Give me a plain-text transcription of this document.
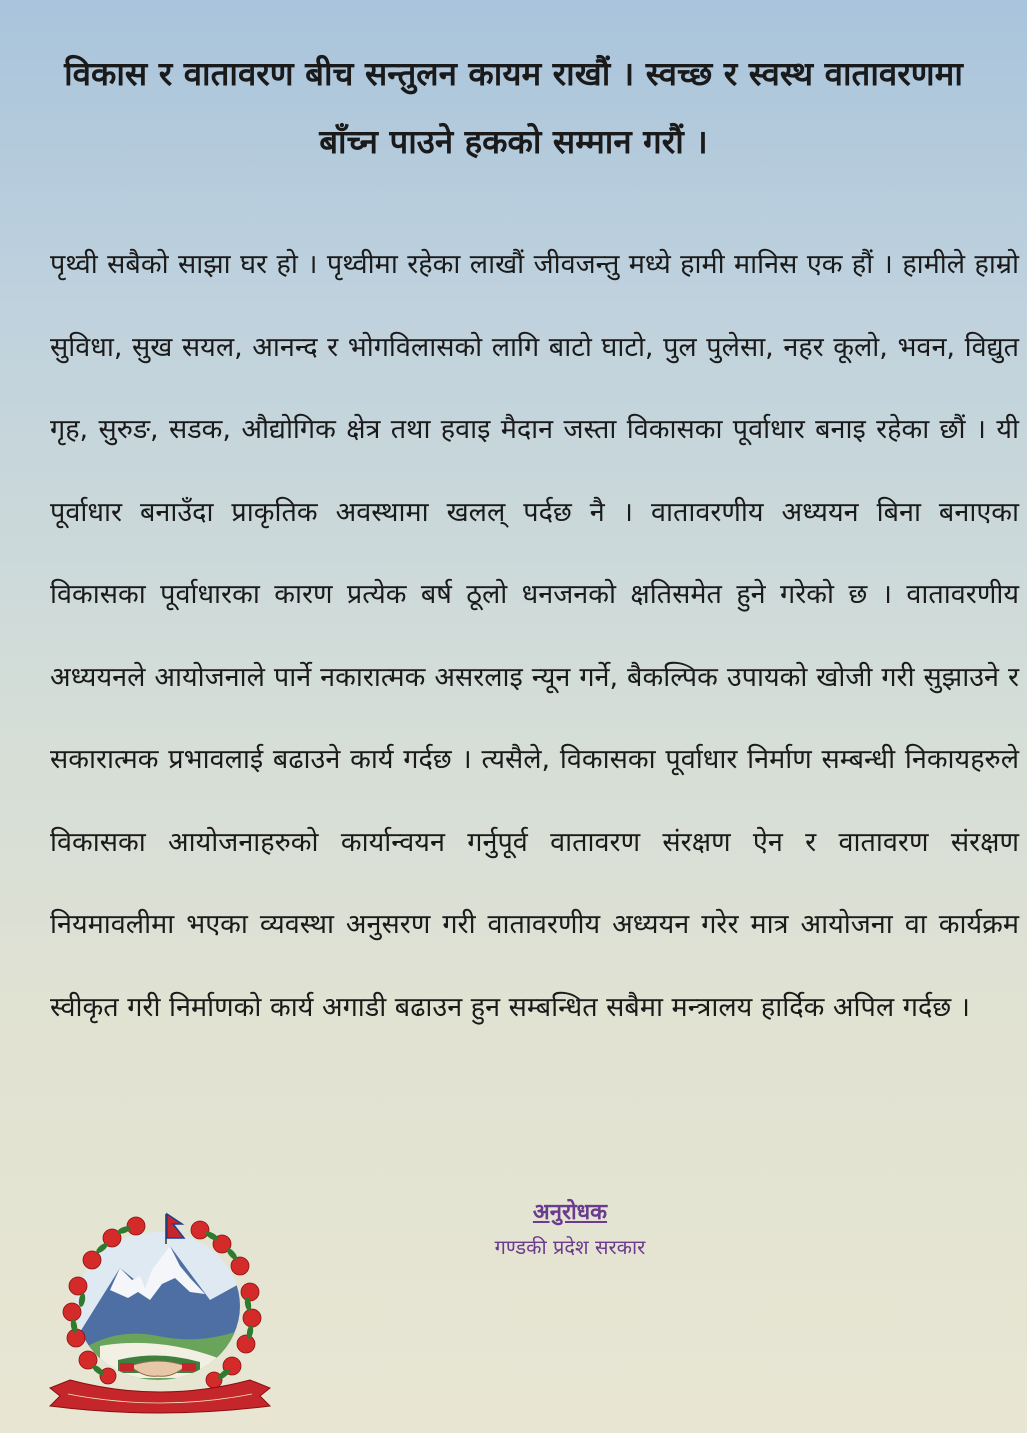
विकास र वातावरण बीच सन्तुलन कायम राखौं । स्वच्छ र स्वस्थ वातावरणमा बाँच्न पाउने हकको सम्मान गरौं ।

पृथ्वी सबैको साझा घर हो । पृथ्वीमा रहेका लाखौं जीवजन्तु मध्ये हामी मानिस एक हौं । हामीले हाम्रो सुविधा, सुख सयल, आनन्द र भोगविलासको लागि बाटो घाटो, पुल पुलेसा, नहर कूलो, भवन, विद्युत गृह, सुरुङ, सडक, औद्योगिक क्षेत्र तथा हवाइ मैदान जस्ता विकासका पूर्वाधार बनाइ रहेका छौं । यी पूर्वाधार बनाउँदा प्राकृतिक अवस्थामा खलल् पर्दछ नै । वातावरणीय अध्ययन बिना बनाएका विकासका पूर्वाधारका कारण प्रत्येक बर्ष ठूलो धनजनको क्षतिसमेत हुने गरेको छ । वातावरणीय अध्ययनले आयोजनाले पार्ने नकारात्मक असरलाइ न्यून गर्ने, बैकल्पिक उपायको खोजी गरी सुझाउने र सकारात्मक प्रभावलाई बढाउने कार्य गर्दछ । त्यसैले, विकासका पूर्वाधार निर्माण सम्बन्धी निकायहरुले विकासका आयोजनाहरुको कार्यान्वयन गर्नुपूर्व वातावरण संरक्षण ऐन र वातावरण संरक्षण नियमावलीमा भएका व्यवस्था अनुसरण गरी वातावरणीय अध्ययन गरेर मात्र आयोजना वा कार्यक्रम स्वीकृत गरी निर्माणको कार्य अगाडी बढाउन हुन सम्बन्धित सबैमा मन्त्रालय हार्दिक अपिल गर्दछ ।

अनुरोधक
गण्डकी प्रदेश सरकार
